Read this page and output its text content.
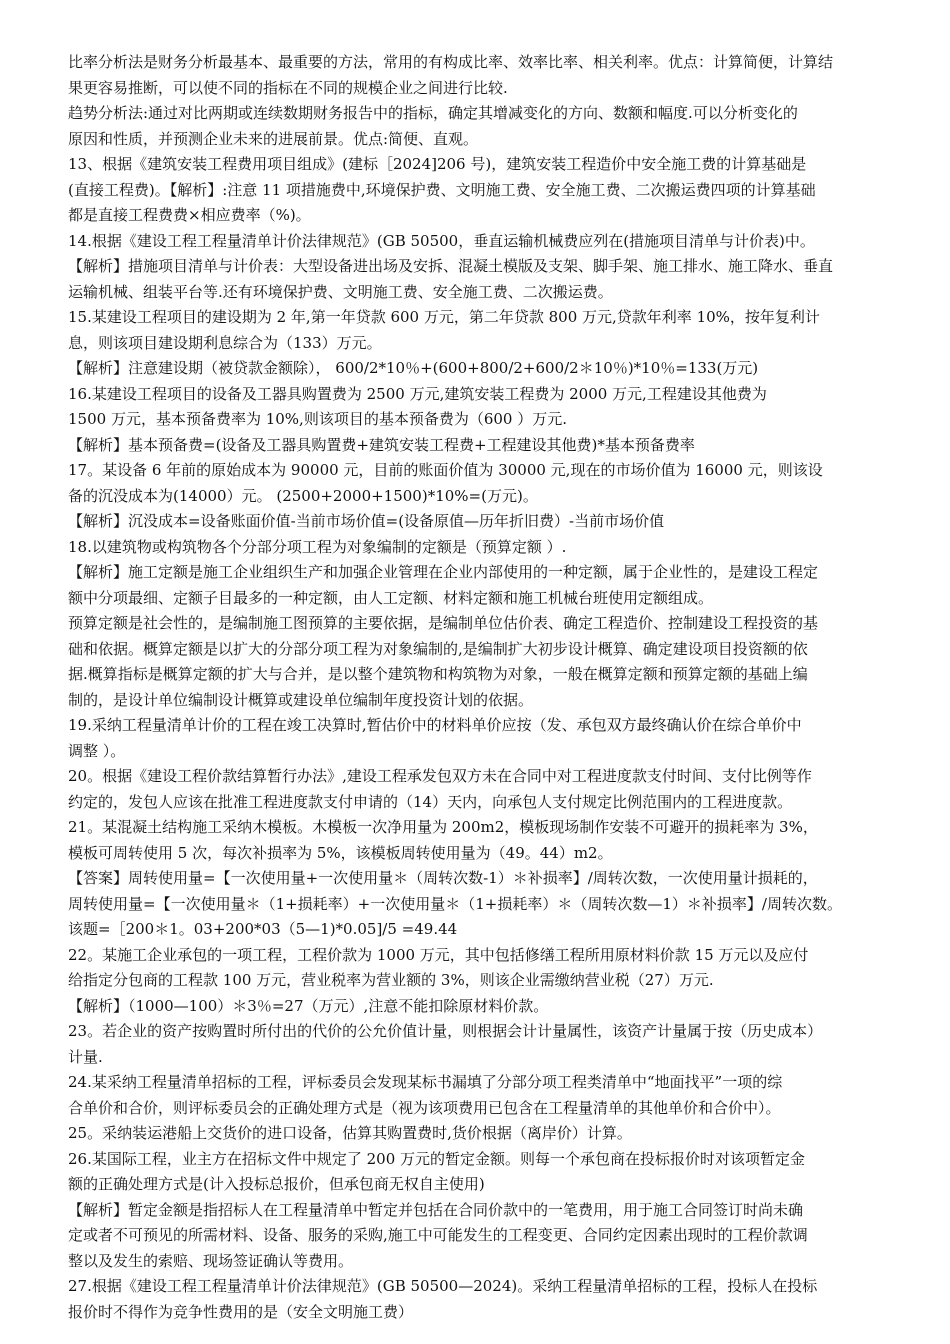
比率分析法是财务分析最基本、最重要的方法，常用的有构成比率、效率比率、相关利率。优点：计算简便，计算结
果更容易推断，可以使不同的指标在不同的规模企业之间进行比较.
趋势分析法:通过对比两期或连续数期财务报告中的指标，确定其增减变化的方向、数额和幅度.可以分析变化的
原因和性质，并预测企业未来的进展前景。优点:简便、直观。
13、根据《建筑安装工程费用项目组成》(建标［2024]206 号)，建筑安装工程造价中安全施工费的计算基础是
(直接工程费)。【解析】:注意 11 项措施费中,环境保护费、文明施工费、安全施工费、二次搬运费四项的计算基础
都是直接工程费费×相应费率（%)。
14.根据《建设工程工程量清单计价法律规范》(GB 50500，垂直运输机械费应列在(措施项目清单与计价表)中。
【解析】措施项目清单与计价表：大型设备进出场及安拆、混凝土模版及支架、脚手架、施工排水、施工降水、垂直
运输机械、组装平台等.还有环境保护费、文明施工费、安全施工费、二次搬运费。
15.某建设工程项目的建设期为 2 年,第一年贷款 600 万元，第二年贷款 800 万元,贷款年利率 10%，按年复利计
息，则该项目建设期利息综合为（133）万元。
【解析】注意建设期（被贷款金额除）， 600/2*10％+(600+800/2+600/2＊10％)*10％=133(万元)
16.某建设工程项目的设备及工器具购置费为 2500 万元,建筑安装工程费为 2000 万元,工程建设其他费为
1500 万元，基本预备费率为 10%,则该项目的基本预备费为（600 ）万元.
【解析】基本预备费=(设备及工器具购置费+建筑安装工程费+工程建设其他费)*基本预备费率
17。某设备 6 年前的原始成本为 90000 元，目前的账面价值为 30000 元,现在的市场价值为 16000 元，则该设
备的沉没成本为(14000）元。 (2500+2000+1500)*10%=(万元)。
【解析】沉没成本=设备账面价值-当前市场价值=(设备原值—历年折旧费）-当前市场价值
18.以建筑物或构筑物各个分部分项工程为对象编制的定额是（预算定额 ）.
【解析】施工定额是施工企业组织生产和加强企业管理在企业内部使用的一种定额，属于企业性的，是建设工程定
额中分项最细、定额子目最多的一种定额，由人工定额、材料定额和施工机械台班使用定额组成。
预算定额是社会性的，是编制施工图预算的主要依据，是编制单位估价表、确定工程造价、控制建设工程投资的基
础和依据。概算定额是以扩大的分部分项工程为对象编制的,是编制扩大初步设计概算、确定建设项目投资额的依
据.概算指标是概算定额的扩大与合并，是以整个建筑物和构筑物为对象，一般在概算定额和预算定额的基础上编
制的，是设计单位编制设计概算或建设单位编制年度投资计划的依据。
19.采纳工程量清单计价的工程在竣工决算时,暂估价中的材料单价应按（发、承包双方最终确认价在综合单价中
调整 ）。
20。根据《建设工程价款结算暂行办法》,建设工程承发包双方未在合同中对工程进度款支付时间、支付比例等作
约定的，发包人应该在批准工程进度款支付申请的（14）天内，向承包人支付规定比例范围内的工程进度款。
21。某混凝土结构施工采纳木模板。木模板一次净用量为 200m2，模板现场制作安装不可避开的损耗率为 3%，
模板可周转使用 5 次，每次补损率为 5%，该模板周转使用量为（49。44）m2。
【答案】周转使用量=【一次使用量+一次使用量＊（周转次数-1）＊补损率】/周转次数，一次使用量计损耗的，
周转使用量=【一次使用量＊（1+损耗率）+一次使用量＊（1+损耗率）＊（周转次数—1）＊补损率】/周转次数。
该题=［200＊1。03+200*03（5—1)*0.05]/5 =49.44
22。某施工企业承包的一项工程，工程价款为 1000 万元，其中包括修缮工程所用原材料价款 15 万元以及应付
给指定分包商的工程款 100 万元，营业税率为营业额的 3%，则该企业需缴纳营业税（27）万元.
【解析】（1000—100）＊3％=27（万元）,注意不能扣除原材料价款。
23。若企业的资产按购置时所付出的代价的公允价值计量，则根据会计计量属性，该资产计量属于按（历史成本）
计量.
24.某采纳工程量清单招标的工程，评标委员会发现某标书漏填了分部分项工程类清单中“地面找平”一项的综
合单价和合价，则评标委员会的正确处理方式是（视为该项费用已包含在工程量清单的其他单价和合价中）。
25。采纳装运港船上交货价的进口设备，估算其购置费时,货价根据（离岸价）计算。
26.某国际工程，业主方在招标文件中规定了 200 万元的暂定金额。则每一个承包商在投标报价时对该项暂定金
额的正确处理方式是(计入投标总报价，但承包商无权自主使用)
【解析】暂定金额是指招标人在工程量清单中暂定并包括在合同价款中的一笔费用，用于施工合同签订时尚未确
定或者不可预见的所需材料、设备、服务的采购,施工中可能发生的工程变更、合同约定因素出现时的工程价款调
整以及发生的索赔、现场签证确认等费用。
27.根据《建设工程工程量清单计价法律规范》(GB 50500—2024)。采纳工程量清单招标的工程，投标人在投标
报价时不得作为竞争性费用的是（安全文明施工费）
